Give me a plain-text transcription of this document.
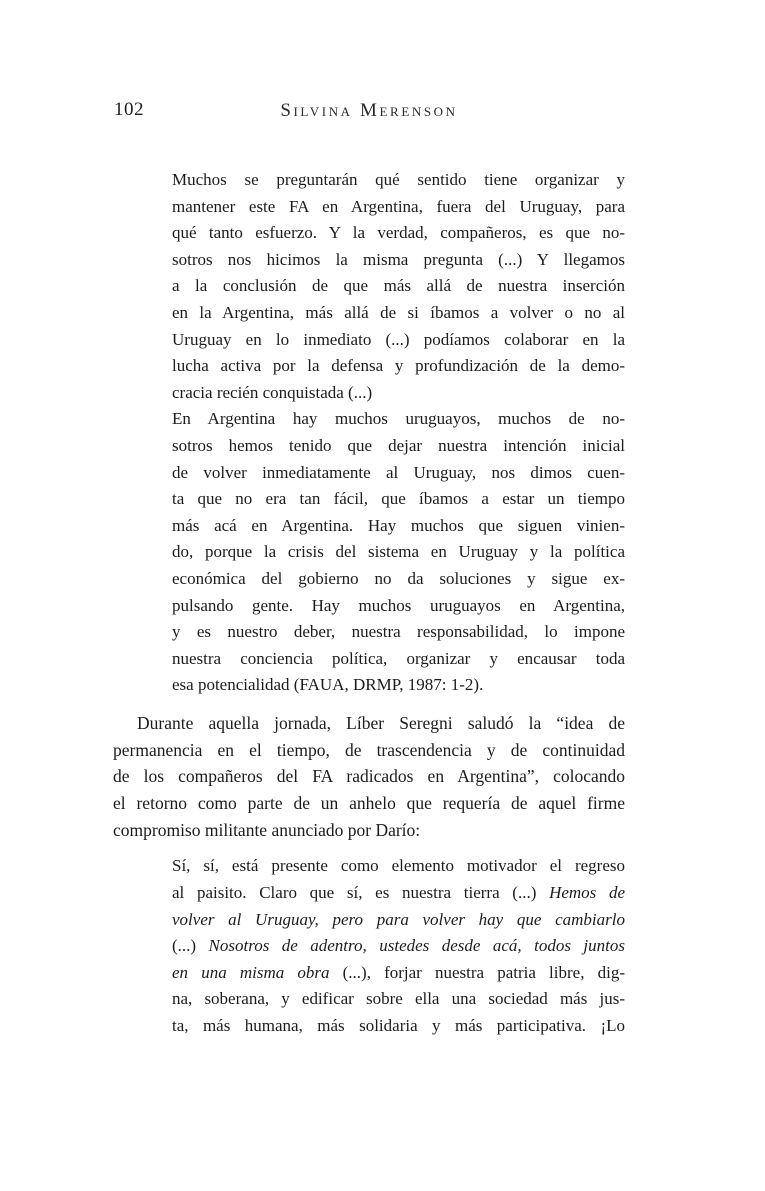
102	Silvina Merenson
Muchos se preguntarán qué sentido tiene organizar y
mantener este FA en Argentina, fuera del Uruguay, para
qué tanto esfuerzo. Y la verdad, compañeros, es que no-
sotros nos hicimos la misma pregunta (...) Y llegamos
a la conclusión de que más allá de nuestra inserción
en la Argentina, más allá de si íbamos a volver o no al
Uruguay en lo inmediato (...) podíamos colaborar en la
lucha activa por la defensa y profundización de la demo-
cracia recién conquistada (...)
En Argentina hay muchos uruguayos, muchos de no-
sotros hemos tenido que dejar nuestra intención inicial
de volver inmediatamente al Uruguay, nos dimos cuen-
ta que no era tan fácil, que íbamos a estar un tiempo
más acá en Argentina. Hay muchos que siguen vinien-
do, porque la crisis del sistema en Uruguay y la política
económica del gobierno no da soluciones y sigue ex-
pulsando gente. Hay muchos uruguayos en Argentina,
y es nuestro deber, nuestra responsabilidad, lo impone
nuestra conciencia política, organizar y encausar toda
esa potencialidad (FAUA, DRMP, 1987: 1-2).
Durante aquella jornada, Líber Seregni saludó la “idea de
permanencia en el tiempo, de trascendencia y de continuidad
de los compañeros del FA radicados en Argentina”, colocando
el retorno como parte de un anhelo que requería de aquel firme
compromiso militante anunciado por Darío:
Sí, sí, está presente como elemento motivador el regreso
al paisito. Claro que sí, es nuestra tierra (...) Hemos de
volver al Uruguay, pero para volver hay que cambiarlo
(...) Nosotros de adentro, ustedes desde acá, todos juntos
en una misma obra (...), forjar nuestra patria libre, dig-
na, soberana, y edificar sobre ella una sociedad más jus-
ta, más humana, más solidaria y más participativa. ¡Lo
